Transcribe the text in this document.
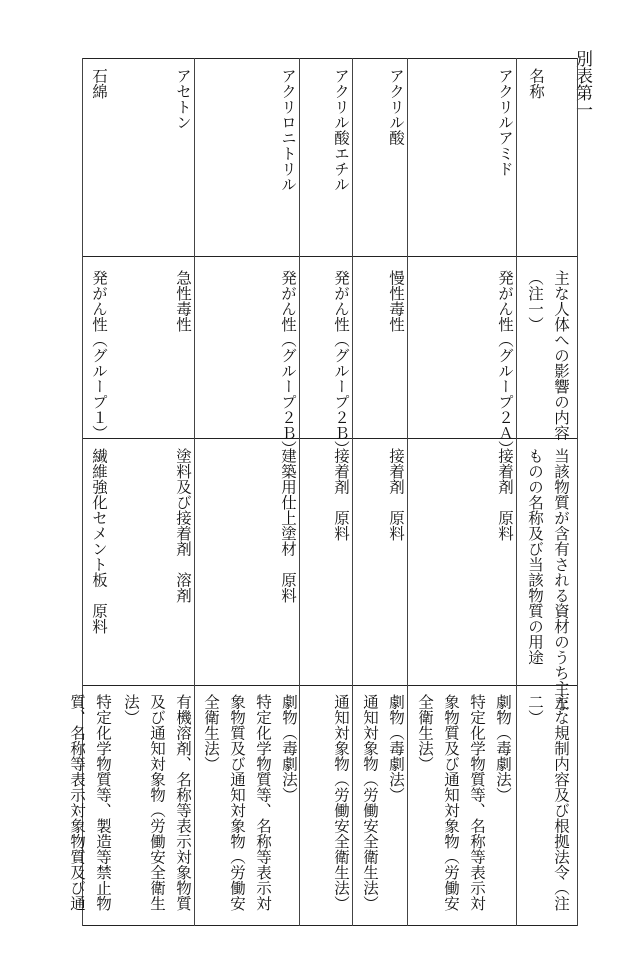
別表第一
名称
主な人体への影響の内容
（注一）
当該物質が含有される資材のうち主な
ものの名称及び当該物質の用途
主な規制内容及び根拠法令（注
二）
アクリルアミド
発がん性（グループ２Ａ）
接着剤　原料
劇物（毒劇法）
特定化学物質等、名称等表示対
象物質及び通知対象物（労働安
全衛生法）
アクリル酸
慢性毒性
接着剤　原料
劇物（毒劇法）
通知対象物（労働安全衛生法）
アクリル酸エチル
発がん性（グループ２Ｂ）
接着剤　原料
通知対象物（労働安全衛生法）
アクリロニトリル
発がん性（グループ２Ｂ）
建築用仕上塗材　原料
劇物（毒劇法）
特定化学物質等、名称等表示対
象物質及び通知対象物（労働安
全衛生法）
アセトン
急性毒性
塗料及び接着剤　溶剤
有機溶剤、名称等表示対象物質
及び通知対象物（労働安全衛生
法）
石綿
発がん性（グループ１）
繊維強化セメント板　原料
特定化学物質等、製造等禁止物
質、名称等表示対象物質及び通
